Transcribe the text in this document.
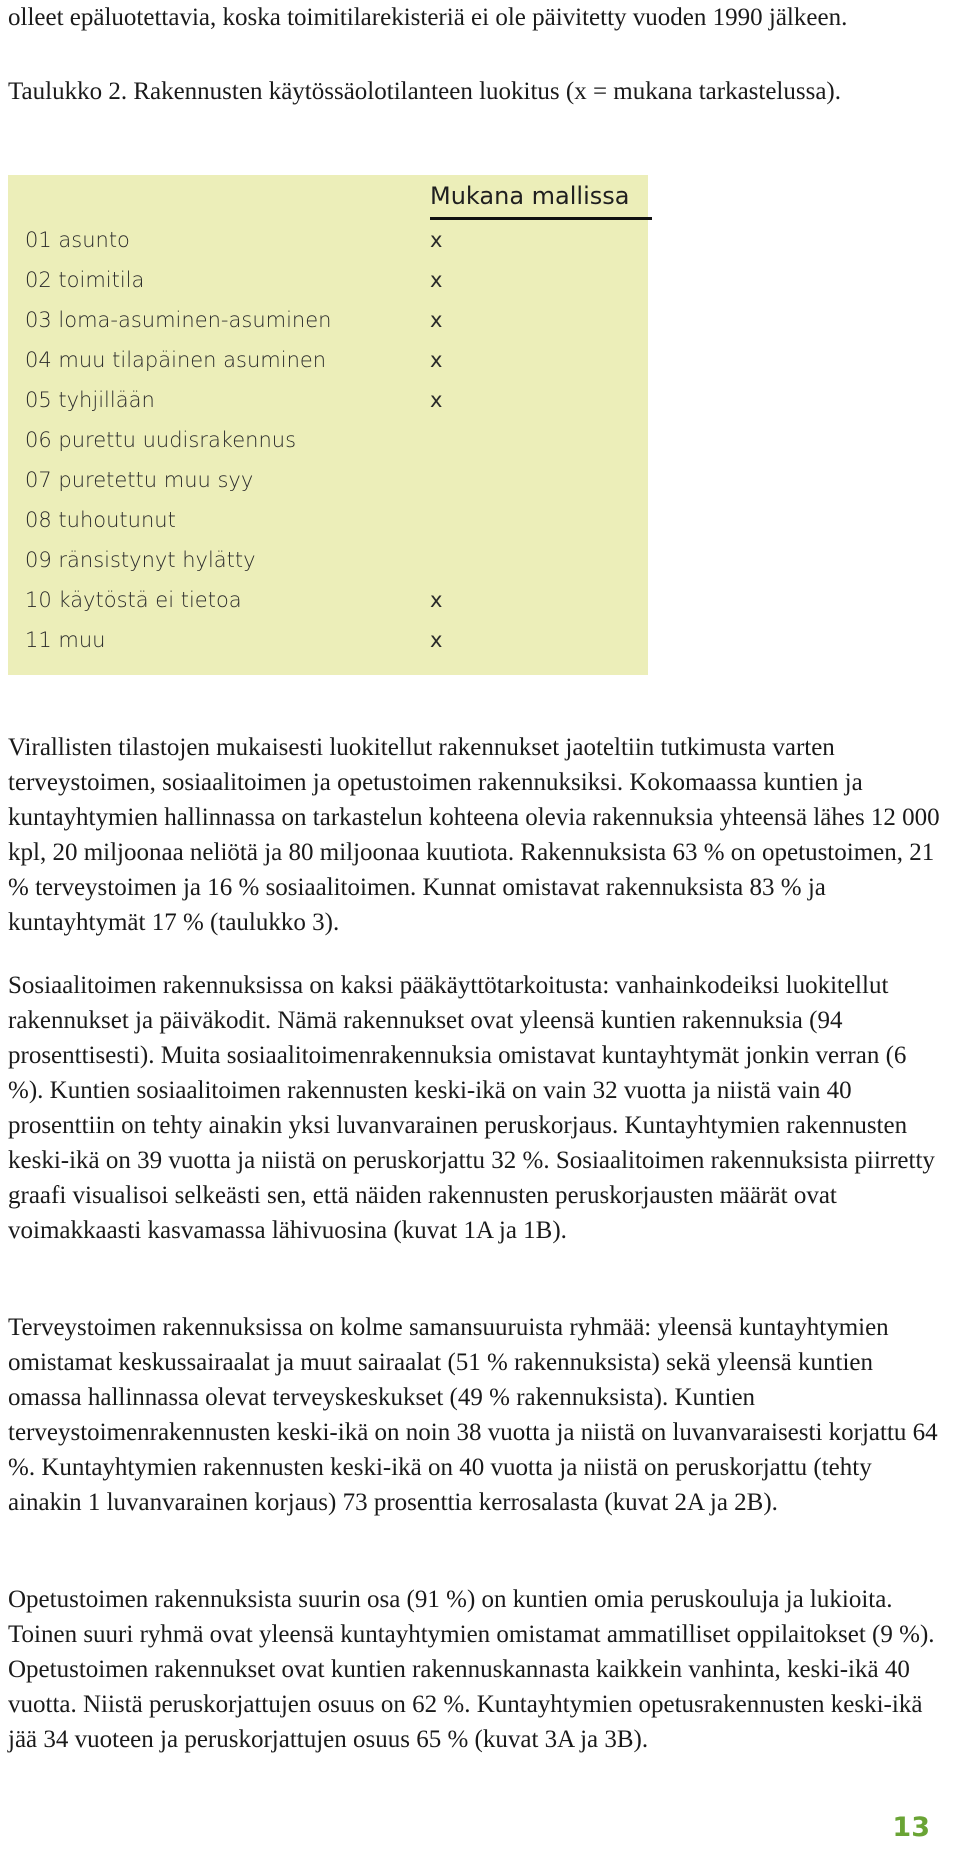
olleet epäluotettavia, koska toimitilarekisteriä ei ole päivitetty vuoden 1990 jälkeen.

Taulukko 2. Rakennusten käytössäolotilanteen luokitus (x = mukana tarkastelussa).

Mukana mallissa
01 asunto	x
02 toimitila	x
03 loma-asuminen-asuminen	x
04 muu tilapäinen asuminen	x
05 tyhjillään	x
06 purettu uudisrakennus
07 puretettu muu syy
08 tuhoutunut
09 ränsistynyt hylätty
10 käytöstä ei tietoa	x
11 muu	x

Virallisten tilastojen mukaisesti luokitellut rakennukset jaoteltiin tutkimusta varten terveystoimen, sosiaalitoimen ja opetustoimen rakennuksiksi. Kokomaassa kuntien ja kuntayhtymien hallinnassa on tarkastelun kohteena olevia rakennuksia yhteensä lähes 12 000 kpl, 20 miljoonaa neliötä ja 80 miljoonaa kuutiota. Rakennuksista 63 % on opetustoimen, 21 % terveystoimen ja 16 % sosiaalitoimen. Kunnat omistavat rakennuksista 83 % ja kuntayhtymät 17 % (taulukko 3).

Sosiaalitoimen rakennuksissa on kaksi pääkäyttötarkoitusta: vanhainkodeiksi luokitellut rakennukset ja päiväkodit. Nämä rakennukset ovat yleensä kuntien rakennuksia (94 prosenttisesti). Muita sosiaalitoimenrakennuksia omistavat kuntayhtymät jonkin verran (6 %). Kuntien sosiaalitoimen rakennusten keski-ikä on vain 32 vuotta ja niistä vain 40 prosenttiin on tehty ainakin yksi luvanvarainen peruskorjaus. Kuntayhtymien rakennusten keski-ikä on 39 vuotta ja niistä on peruskorjattu 32 %. Sosiaalitoimen rakennuksista piirretty graafi visualisoi selkeästi sen, että näiden rakennusten peruskorjausten määrät ovat voimakkaasti kasvamassa lähivuosina (kuvat 1A ja 1B).

Terveystoimen rakennuksissa on kolme samansuuruista ryhmää: yleensä kuntayhtymien omistamat keskussairaalat ja muut sairaalat (51 % rakennuksista) sekä yleensä kuntien omassa hallinnassa olevat terveyskeskukset (49 % rakennuksista). Kuntien terveystoimenrakennusten keski-ikä on noin 38 vuotta ja niistä on luvanvaraisesti korjattu 64 %. Kuntayhtymien rakennusten keski-ikä on 40 vuotta ja niistä on peruskorjattu (tehty ainakin 1 luvanvarainen korjaus) 73 prosenttia kerrosalasta (kuvat 2A ja 2B).

Opetustoimen rakennuksista suurin osa (91 %) on kuntien omia peruskouluja ja lukioita. Toinen suuri ryhmä ovat yleensä kuntayhtymien omistamat ammatilliset oppilaitokset (9 %). Opetustoimen rakennukset ovat kuntien rakennuskannasta kaikkein vanhinta, keski-ikä 40 vuotta. Niistä peruskorjattujen osuus on 62 %. Kuntayhtymien opetusrakennusten keski-ikä jää 34 vuoteen ja peruskorjattujen osuus 65 % (kuvat 3A ja 3B).

13
